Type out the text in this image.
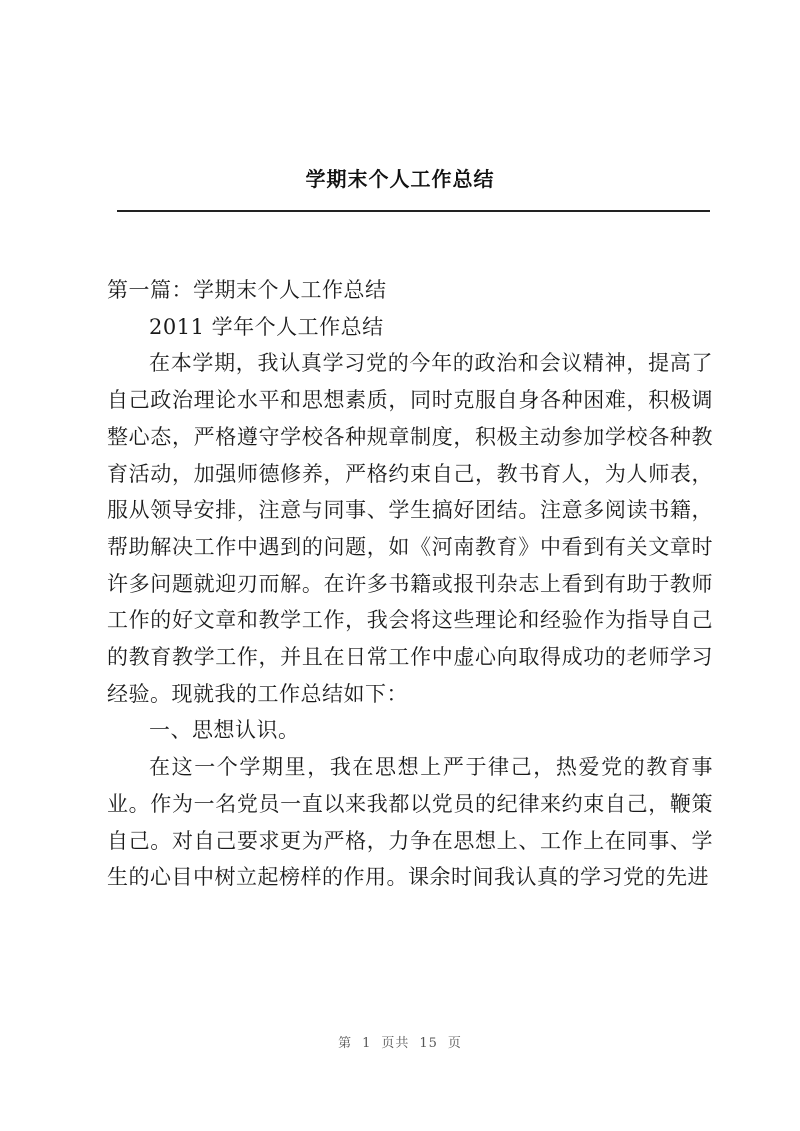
学期末个人工作总结

第一篇：学期末个人工作总结

2011 学年个人工作总结

在本学期，我认真学习党的今年的政治和会议精神，提高了自己政治理论水平和思想素质，同时克服自身各种困难，积极调整心态，严格遵守学校各种规章制度，积极主动参加学校各种教育活动，加强师德修养，严格约束自己，教书育人，为人师表，服从领导安排，注意与同事、学生搞好团结。注意多阅读书籍，帮助解决工作中遇到的问题，如《河南教育》中看到有关文章时许多问题就迎刃而解。在许多书籍或报刊杂志上看到有助于教师工作的好文章和教学工作，我会将这些理论和经验作为指导自己的教育教学工作，并且在日常工作中虚心向取得成功的老师学习经验。现就我的工作总结如下：

一、思想认识。

在这一个学期里，我在思想上严于律己，热爱党的教育事业。作为一名党员一直以来我都以党员的纪律来约束自己，鞭策自己。对自己要求更为严格，力争在思想上、工作上在同事、学生的心目中树立起榜样的作用。课余时间我认真的学习党的先进

第 1 页共 15 页
